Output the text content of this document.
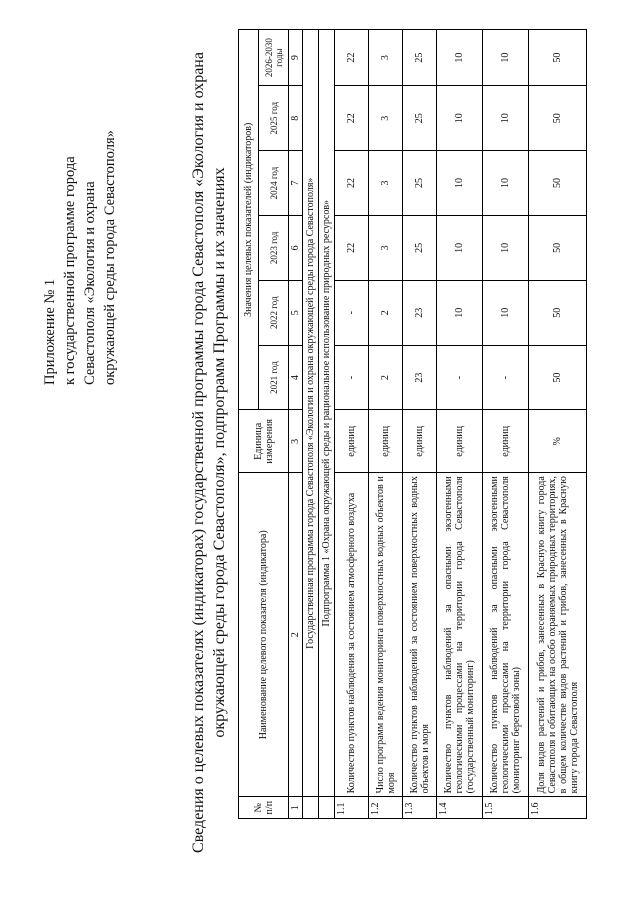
Приложение № 1 к государственной программе города Севастополя «Экология и охрана окружающей среды города Севастополя»	Сведения о целевых показателях (индикаторах) государственной программы города Севастополя «Экология и охрана окружающей среды города Севастополя», подпрограмм Программы и их значениях
№ п/п	Наименование целевого показателя (индикатора)	Единица измерения	Значения целевых показателей (индикаторов)					
			2021 год	2022 год	2023 год	2024 год	2025 год	2026-2030 годы
1	2	3	4	5	6	7	8	9
	Государственная программа города Севастополя «Экология и охрана окружающей среды города Севастополя»							
	Подпрограмма 1 «Охрана окружающей среды и рациональное использование природных ресурсов»							
1.1	Количество пунктов наблюдения за состоянием атмосферного воздуха	единиц	-	-	22	22	22	22
1.2	Число программ ведения мониторинга поверхностных водных объектов и моря	единиц	2	2	3	3	3	3
1.3	Количество пунктов наблюдений за состоянием поверхностных водных объектов и моря	единиц	23	23	25	25	25	25
1.4	Количество пунктов наблюдений за опасными экзогенными геологическими процессами на территории города Севастополя (государственный мониторинг)	единиц	-	10	10	10	10	10
1.5	Количество пунктов наблюдений за опасными экзогенными геологическими процессами на территории города Севастополя (мониторинг береговой зоны)	единиц	-	10	10	10	10	10
1.6	Доля видов растений и грибов, занесенных в Красную книгу города Севастополя и обитающих на особо охраняемых природных территориях, в общем количестве видов растений и грибов, занесенных в Красную книгу города Севастополя	%	50	50	50	50	50	50
